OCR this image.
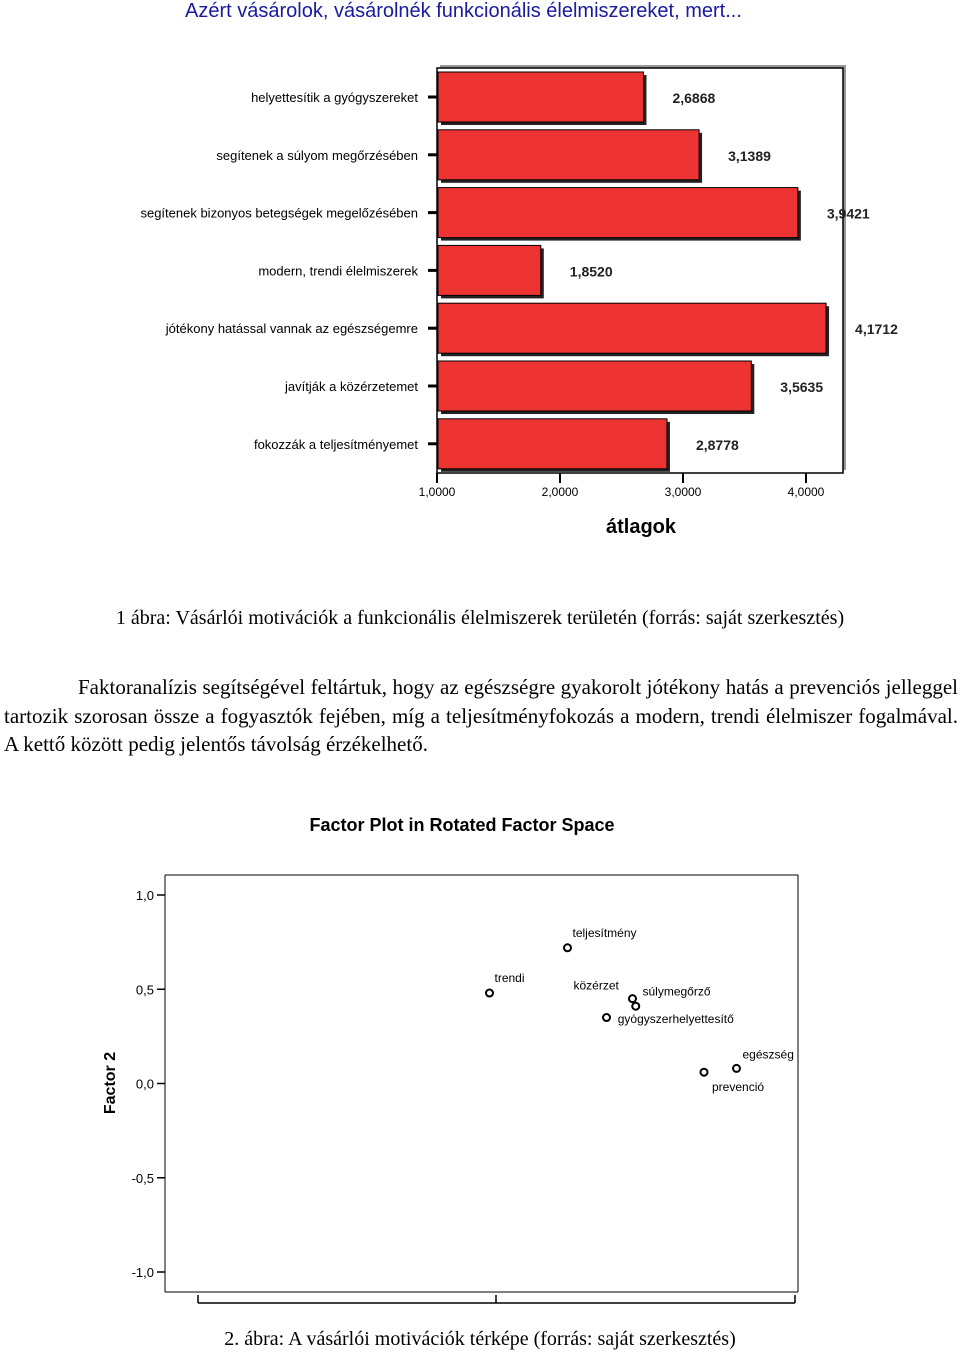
Azért vásárolok, vásárolnék funkcionális élelmiszereket, mert...
helyettesítik a gyógyszereket	2,6868
segítenek a súlyom megőrzésében	3,1389
segítenek bizonyos betegségek megelőzésében	3,9421
modern, trendi élelmiszerek	1,8520
jótékony hatással vannak az egészségemre	4,1712
javítják a közérzetemet	3,5635
fokozzák a teljesítményemet	2,8778
1,0000	2,0000	3,0000	4,0000
átlagok
1 ábra: Vásárlói motivációk a funkcionális élelmiszerek területén (forrás: saját szerkesztés)
Faktoranalízis segítségével feltártuk, hogy az egészségre gyakorolt jótékony hatás a prevenciós jelleggel tartozik szorosan össze a fogyasztók fejében, míg a teljesítményfokozás a modern, trendi élelmiszer fogalmával. A kettő között pedig jelentős távolság érzékelhető.
Factor Plot in Rotated Factor Space
1,0
0,5
0,0
-0,5
-1,0
Factor 2
teljesítmény
trendi
közérzet súlymegőrző
gyógyszerhelyettesítő
egészség
prevenció
2. ábra: A vásárlói motivációk térképe (forrás: saját szerkesztés)
